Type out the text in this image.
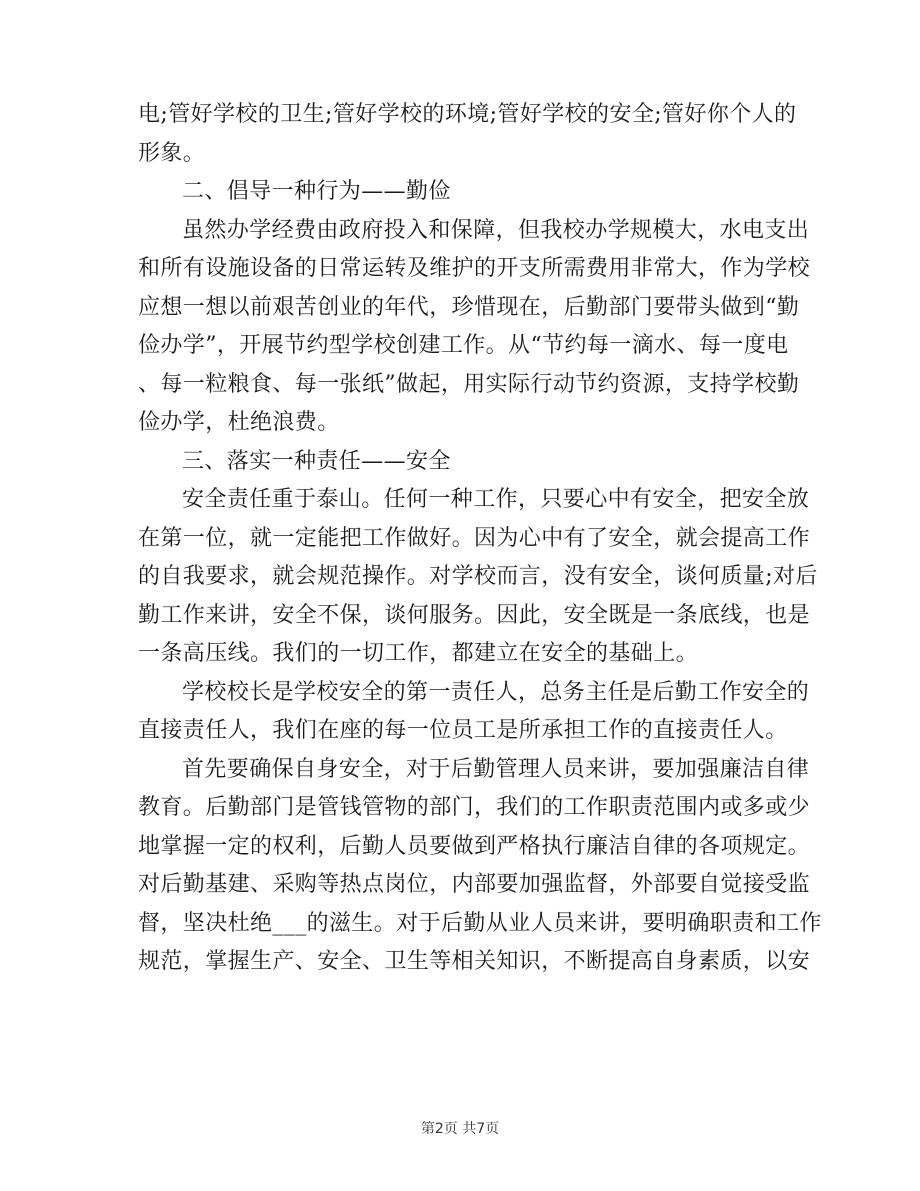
电;管好学校的卫生;管好学校的环境;管好学校的安全;管好你个人的
形象。
二、倡导一种行为——勤俭
虽然办学经费由政府投入和保障，但我校办学规模大，水电支出
和所有设施设备的日常运转及维护的开支所需费用非常大，作为学校
应想一想以前艰苦创业的年代，珍惜现在，后勤部门要带头做到“勤
俭办学”，开展节约型学校创建工作。从“节约每一滴水、每一度电
、每一粒粮食、每一张纸”做起，用实际行动节约资源，支持学校勤
俭办学，杜绝浪费。
三、落实一种责任——安全
安全责任重于泰山。任何一种工作，只要心中有安全，把安全放
在第一位，就一定能把工作做好。因为心中有了安全，就会提高工作
的自我要求，就会规范操作。对学校而言，没有安全，谈何质量;对后
勤工作来讲，安全不保，谈何服务。因此，安全既是一条底线，也是
一条高压线。我们的一切工作，都建立在安全的基础上。
学校校长是学校安全的第一责任人，总务主任是后勤工作安全的
直接责任人，我们在座的每一位员工是所承担工作的直接责任人。
首先要确保自身安全，对于后勤管理人员来讲，要加强廉洁自律
教育。后勤部门是管钱管物的部门，我们的工作职责范围内或多或少
地掌握一定的权利，后勤人员要做到严格执行廉洁自律的各项规定。
对后勤基建、采购等热点岗位，内部要加强监督，外部要自觉接受监
督，坚决杜绝___的滋生。对于后勤从业人员来讲，要明确职责和工作
规范，掌握生产、安全、卫生等相关知识，不断提高自身素质，以安
第2页 共7页
